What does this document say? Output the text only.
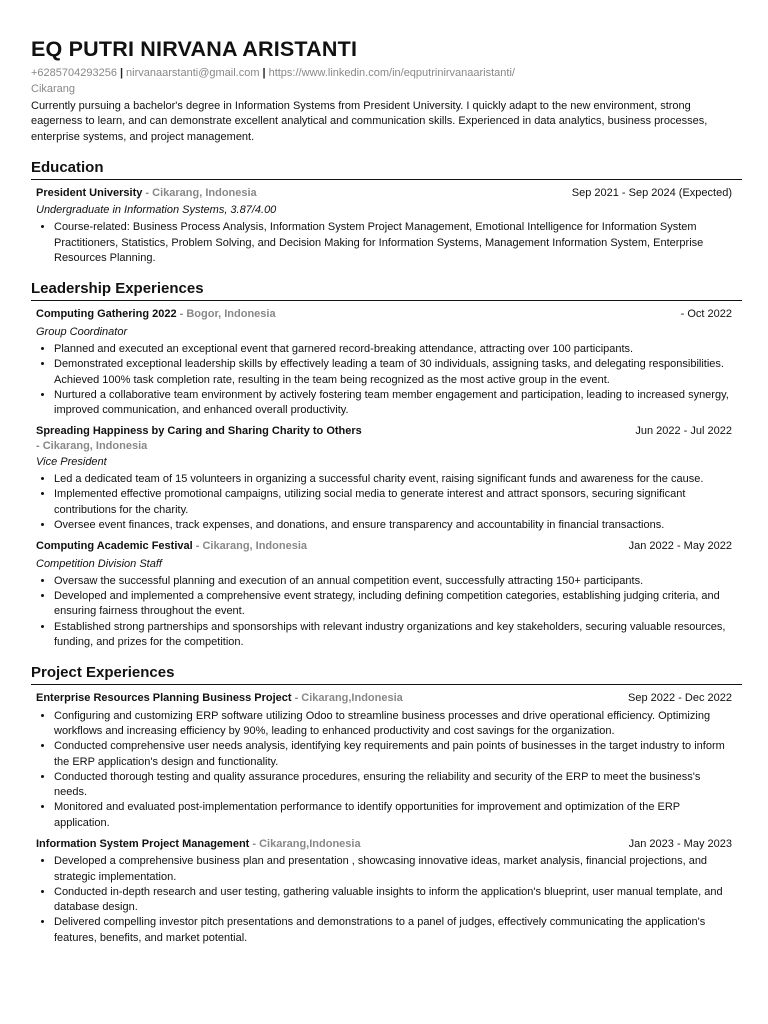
EQ PUTRI NIRVANA ARISTANTI
+6285704293256 | nirvanaarstanti@gmail.com | https://www.linkedin.com/in/eqputrinirvanaaristanti/
Cikarang
Currently pursuing a bachelor's degree in Information Systems from President University. I quickly adapt to the new environment, strong eagerness to learn, and can demonstrate excellent analytical and communication skills. Experienced in data analytics, business processes, enterprise systems, and project management.
Education
President University - Cikarang, Indonesia	Sep 2021 - Sep 2024 (Expected)
Undergraduate in Information Systems, 3.87/4.00
• Course-related: Business Process Analysis, Information System Project Management, Emotional Intelligence for Information System Practitioners, Statistics, Problem Solving, and Decision Making for Information Systems, Management Information System, Enterprise Resources Planning.
Leadership Experiences
Computing Gathering 2022 - Bogor, Indonesia	- Oct 2022
Group Coordinator
• Planned and executed an exceptional event that garnered record-breaking attendance, attracting over 100 participants.
• Demonstrated exceptional leadership skills by effectively leading a team of 30 individuals, assigning tasks, and delegating responsibilities. Achieved 100% task completion rate, resulting in the team being recognized as the most active group in the event.
• Nurtured a collaborative team environment by actively fostering team member engagement and participation, leading to increased synergy, improved communication, and enhanced overall productivity.
Spreading Happiness by Caring and Sharing Charity to Others	Jun 2022 - Jul 2022
- Cikarang, Indonesia
Vice President
• Led a dedicated team of 15 volunteers in organizing a successful charity event, raising significant funds and awareness for the cause.
• Implemented effective promotional campaigns, utilizing social media to generate interest and attract sponsors, securing significant contributions for the charity.
• Oversee event finances, track expenses, and donations, and ensure transparency and accountability in financial transactions.
Computing Academic Festival - Cikarang, Indonesia	Jan 2022 - May 2022
Competition Division Staff
• Oversaw the successful planning and execution of an annual competition event, successfully attracting 150+ participants.
• Developed and implemented a comprehensive event strategy, including defining competition categories, establishing judging criteria, and ensuring fairness throughout the event.
• Established strong partnerships and sponsorships with relevant industry organizations and key stakeholders, securing valuable resources, funding, and prizes for the competition.
Project Experiences
Enterprise Resources Planning Business Project - Cikarang,Indonesia	Sep 2022 - Dec 2022
• Configuring and customizing ERP software utilizing Odoo to streamline business processes and drive operational efficiency. Optimizing workflows and increasing efficiency by 90%, leading to enhanced productivity and cost savings for the organization.
• Conducted comprehensive user needs analysis, identifying key requirements and pain points of businesses in the target industry to inform the ERP application's design and functionality.
• Conducted thorough testing and quality assurance procedures, ensuring the reliability and security of the ERP to meet the business's needs.
• Monitored and evaluated post-implementation performance to identify opportunities for improvement and optimization of the ERP application.
Information System Project Management - Cikarang,Indonesia	Jan 2023 - May 2023
• Developed a comprehensive business plan and presentation , showcasing innovative ideas, market analysis, financial projections, and strategic implementation.
• Conducted in-depth research and user testing, gathering valuable insights to inform the application's blueprint, user manual template, and database design.
• Delivered compelling investor pitch presentations and demonstrations to a panel of judges, effectively communicating the application's features, benefits, and market potential.
